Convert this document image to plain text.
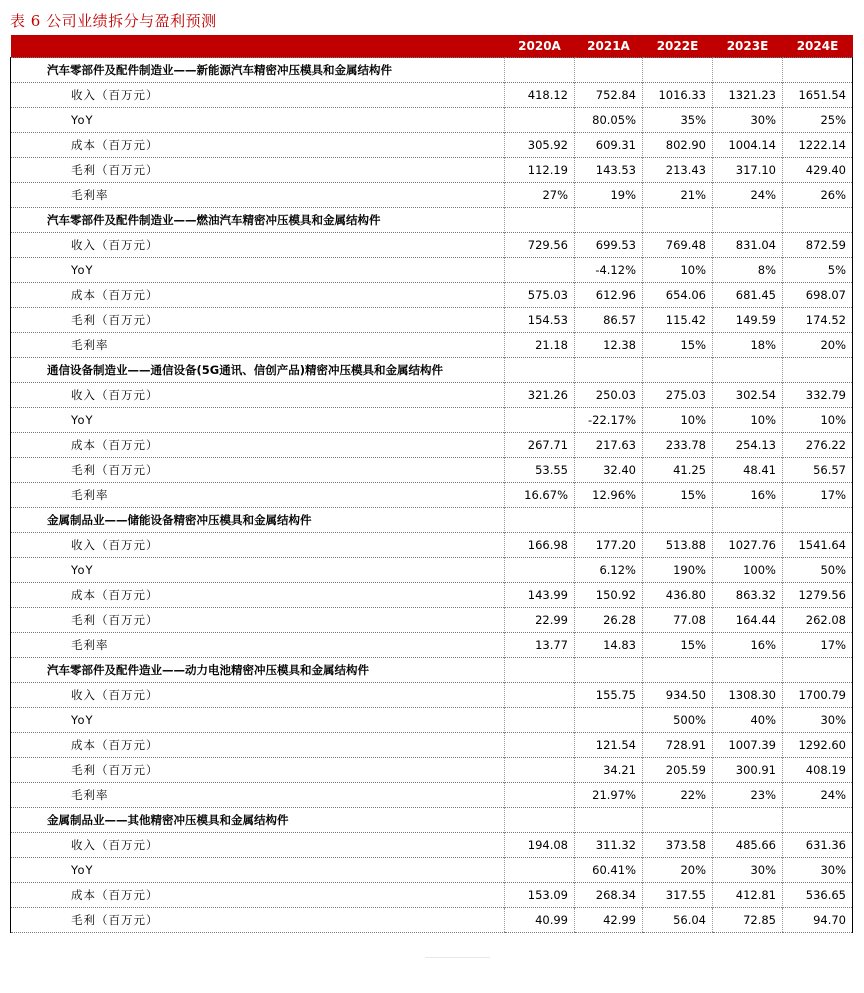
表 6 公司业绩拆分与盈利预测
	2020A	2021A	2022E	2023E	2024E
汽车零部件及配件制造业——新能源汽车精密冲压模具和金属结构件					
收入（百万元）	418.12	752.84	1016.33	1321.23	1651.54
YoY		80.05%	35%	30%	25%
成本（百万元）	305.92	609.31	802.90	1004.14	1222.14
毛利（百万元）	112.19	143.53	213.43	317.10	429.40
毛利率	27%	19%	21%	24%	26%
汽车零部件及配件制造业——燃油汽车精密冲压模具和金属结构件					
收入（百万元）	729.56	699.53	769.48	831.04	872.59
YoY		-4.12%	10%	8%	5%
成本（百万元）	575.03	612.96	654.06	681.45	698.07
毛利（百万元）	154.53	86.57	115.42	149.59	174.52
毛利率	21.18	12.38	15%	18%	20%
通信设备制造业——通信设备(5G通讯、信创产品)精密冲压模具和金属结构件					
收入（百万元）	321.26	250.03	275.03	302.54	332.79
YoY		-22.17%	10%	10%	10%
成本（百万元）	267.71	217.63	233.78	254.13	276.22
毛利（百万元）	53.55	32.40	41.25	48.41	56.57
毛利率	16.67%	12.96%	15%	16%	17%
金属制品业——储能设备精密冲压模具和金属结构件					
收入（百万元）	166.98	177.20	513.88	1027.76	1541.64
YoY		6.12%	190%	100%	50%
成本（百万元）	143.99	150.92	436.80	863.32	1279.56
毛利（百万元）	22.99	26.28	77.08	164.44	262.08
毛利率	13.77	14.83	15%	16%	17%
汽车零部件及配件造业——动力电池精密冲压模具和金属结构件					
收入（百万元）		155.75	934.50	1308.30	1700.79
YoY			500%	40%	30%
成本（百万元）		121.54	728.91	1007.39	1292.60
毛利（百万元）		34.21	205.59	300.91	408.19
毛利率		21.97%	22%	23%	24%
金属制品业——其他精密冲压模具和金属结构件					
收入（百万元）	194.08	311.32	373.58	485.66	631.36
YoY		60.41%	20%	30%	30%
成本（百万元）	153.09	268.34	317.55	412.81	536.65
毛利（百万元）	40.99	42.99	56.04	72.85	94.70
